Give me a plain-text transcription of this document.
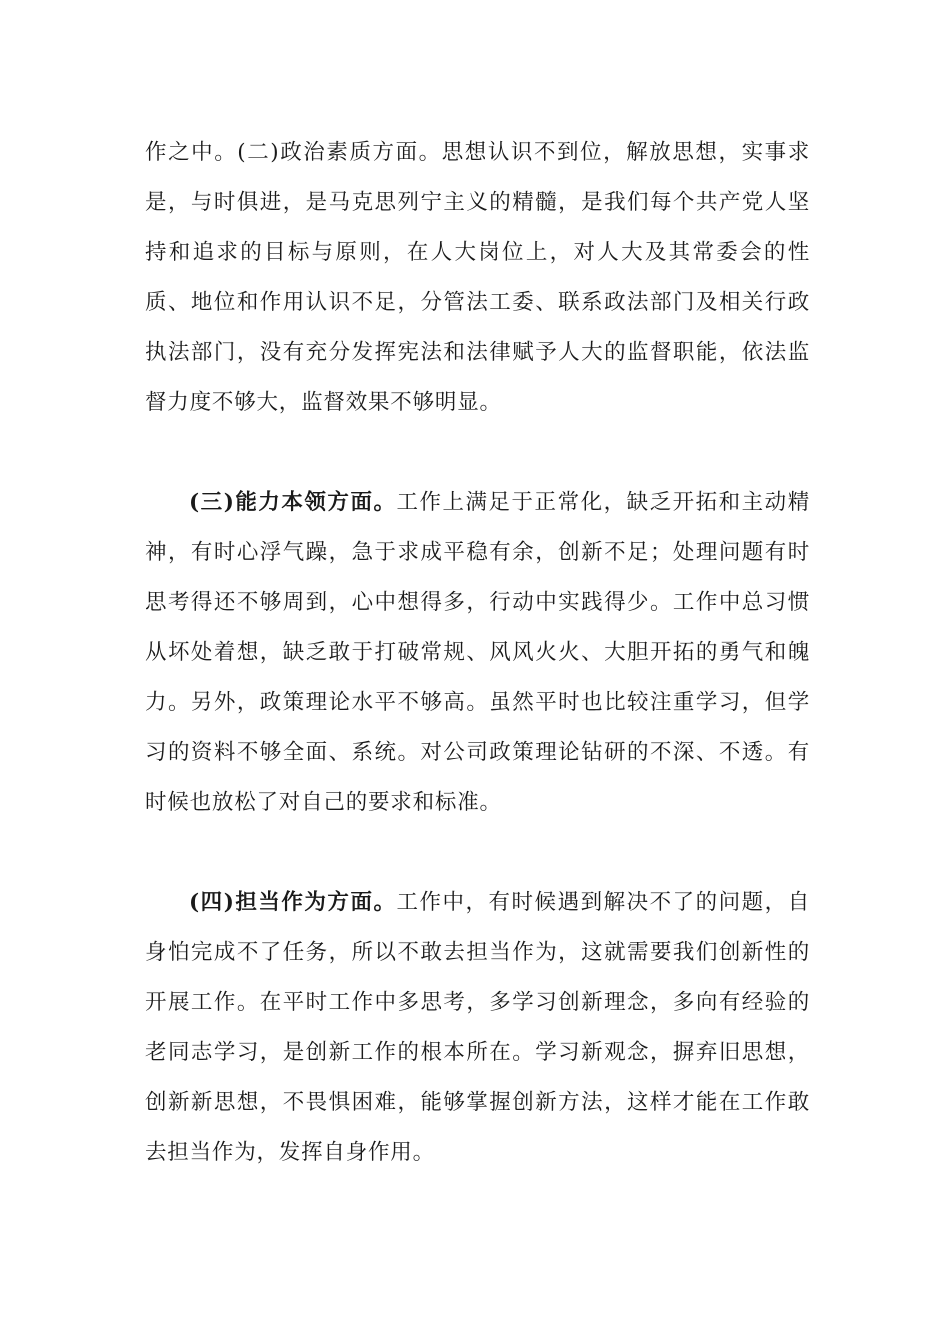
作之中。(二)政治素质方面。思想认识不到位，解放思想，实事求是，与时俱进，是马克思列宁主义的精髓，是我们每个共产党人坚持和追求的目标与原则，在人大岗位上，对人大及其常委会的性质、地位和作用认识不足，分管法工委、联系政法部门及相关行政执法部门，没有充分发挥宪法和法律赋予人大的监督职能，依法监督力度不够大，监督效果不够明显。

(三)能力本领方面。工作上满足于正常化，缺乏开拓和主动精神，有时心浮气躁，急于求成平稳有余，创新不足；处理问题有时思考得还不够周到，心中想得多，行动中实践得少。工作中总习惯从坏处着想，缺乏敢于打破常规、风风火火、大胆开拓的勇气和魄力。另外，政策理论水平不够高。虽然平时也比较注重学习，但学习的资料不够全面、系统。对公司政策理论钻研的不深、不透。有时候也放松了对自己的要求和标准。

(四)担当作为方面。工作中，有时候遇到解决不了的问题，自身怕完成不了任务，所以不敢去担当作为，这就需要我们创新性的开展工作。在平时工作中多思考，多学习创新理念，多向有经验的老同志学习，是创新工作的根本所在。学习新观念，摒弃旧思想，创新新思想，不畏惧困难，能够掌握创新方法，这样才能在工作敢去担当作为，发挥自身作用。
